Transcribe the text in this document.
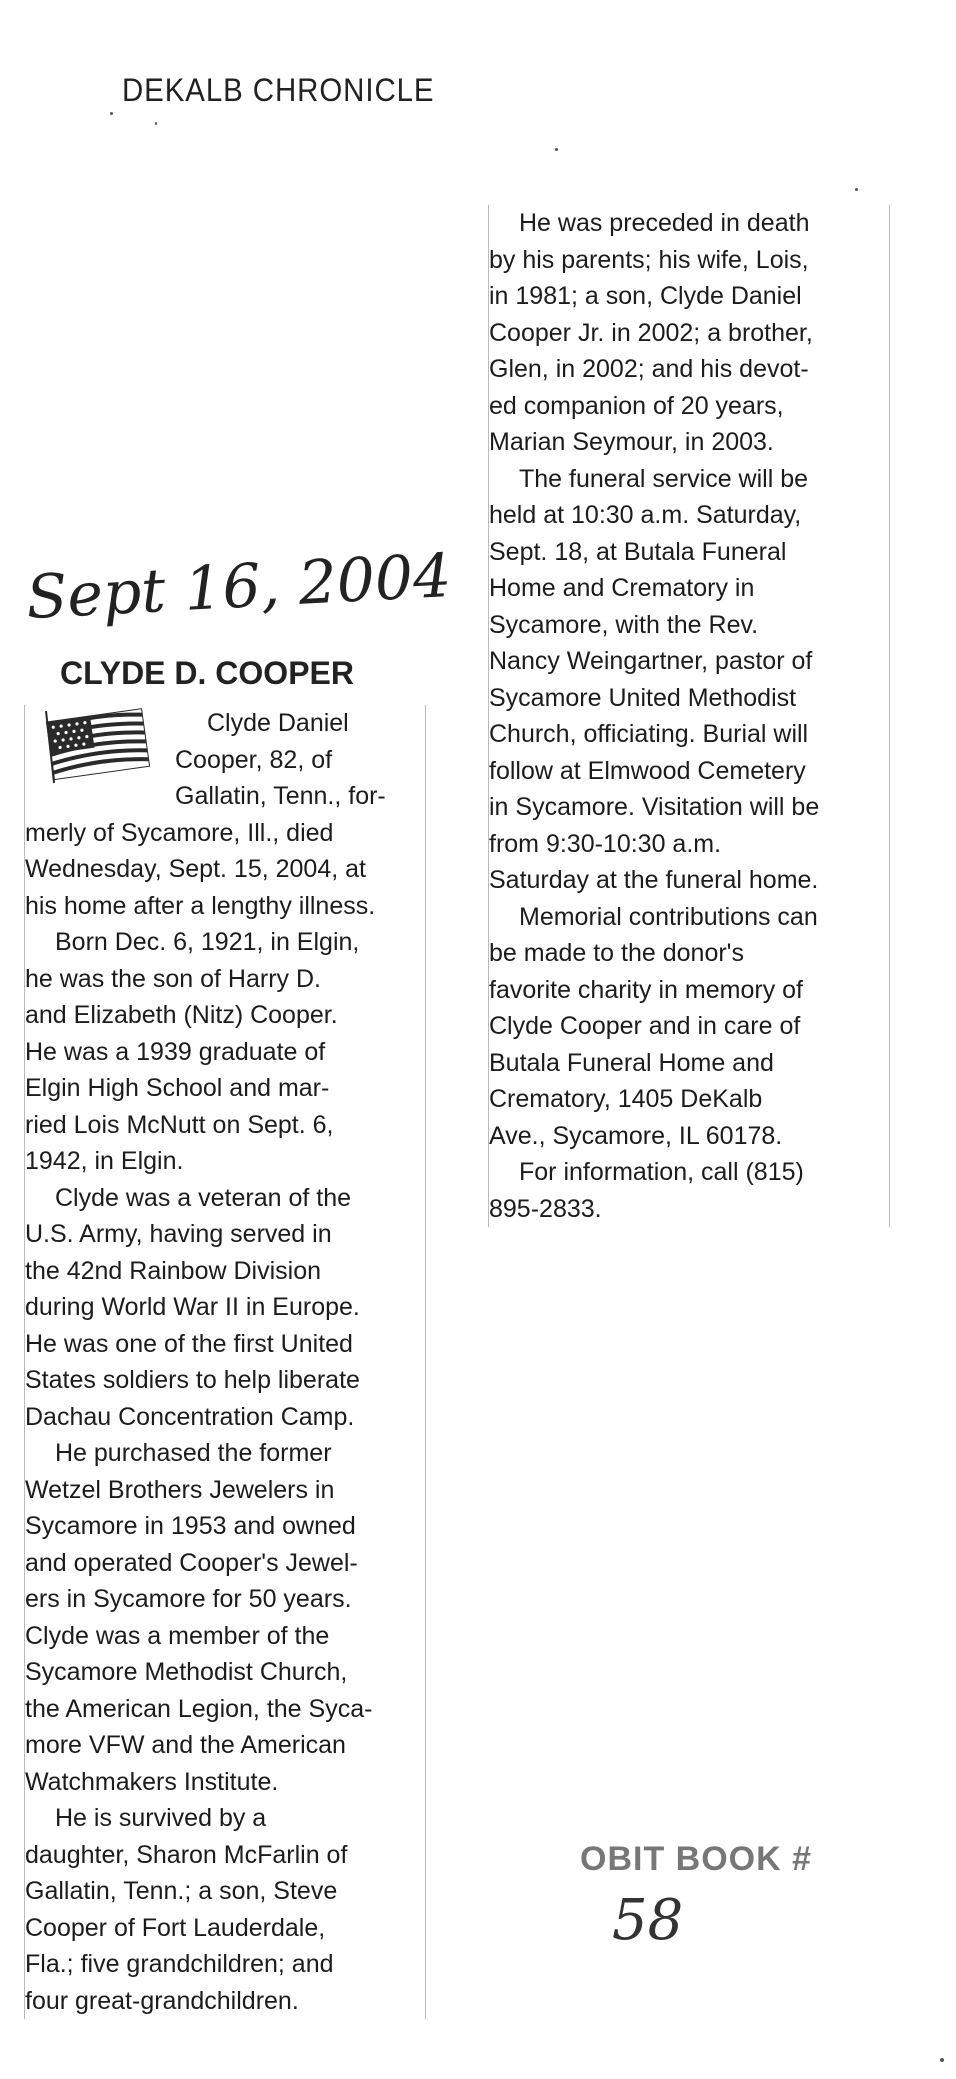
DEKALB CHRONICLE
Sept 16, 2004
CLYDE D. COOPER

Clyde Daniel

Cooper, 82, of

Gallatin, Tenn., for-

merly of Sycamore, Ill., died

Wednesday, Sept. 15, 2004, at

his home after a lengthy illness.

Born Dec. 6, 1921, in Elgin,

he was the son of Harry D.

and Elizabeth (Nitz) Cooper.

He was a 1939 graduate of

Elgin High School and mar-

ried Lois McNutt on Sept. 6,

1942, in Elgin.

Clyde was a veteran of the

U.S. Army, having served in

the 42nd Rainbow Division

during World War II in Europe.

He was one of the first United

States soldiers to help liberate

Dachau Concentration Camp.

He purchased the former

Wetzel Brothers Jewelers in

Sycamore in 1953 and owned

and operated Cooper's Jewel-

ers in Sycamore for 50 years.

Clyde was a member of the

Sycamore Methodist Church,

the American Legion, the Syca-

more VFW and the American

Watchmakers Institute.

He is survived by a

daughter, Sharon McFarlin of

Gallatin, Tenn.; a son, Steve

Cooper of Fort Lauderdale,

Fla.; five grandchildren; and

four great-grandchildren.

He was preceded in death

by his parents; his wife, Lois,

in 1981; a son, Clyde Daniel

Cooper Jr. in 2002; a brother,

Glen, in 2002; and his devot-

ed companion of 20 years,

Marian Seymour, in 2003.

The funeral service will be

held at 10:30 a.m. Saturday,

Sept. 18, at Butala Funeral

Home and Crematory in

Sycamore, with the Rev.

Nancy Weingartner, pastor of

Sycamore United Methodist

Church, officiating. Burial will

follow at Elmwood Cemetery

in Sycamore. Visitation will be

from 9:30-10:30 a.m.

Saturday at the funeral home.

Memorial contributions can

be made to the donor's

favorite charity in memory of

Clyde Cooper and in care of

Butala Funeral Home and

Crematory, 1405 DeKalb

Ave., Sycamore, IL 60178.

For information, call (815)

895-2833.

OBIT BOOK #
58
